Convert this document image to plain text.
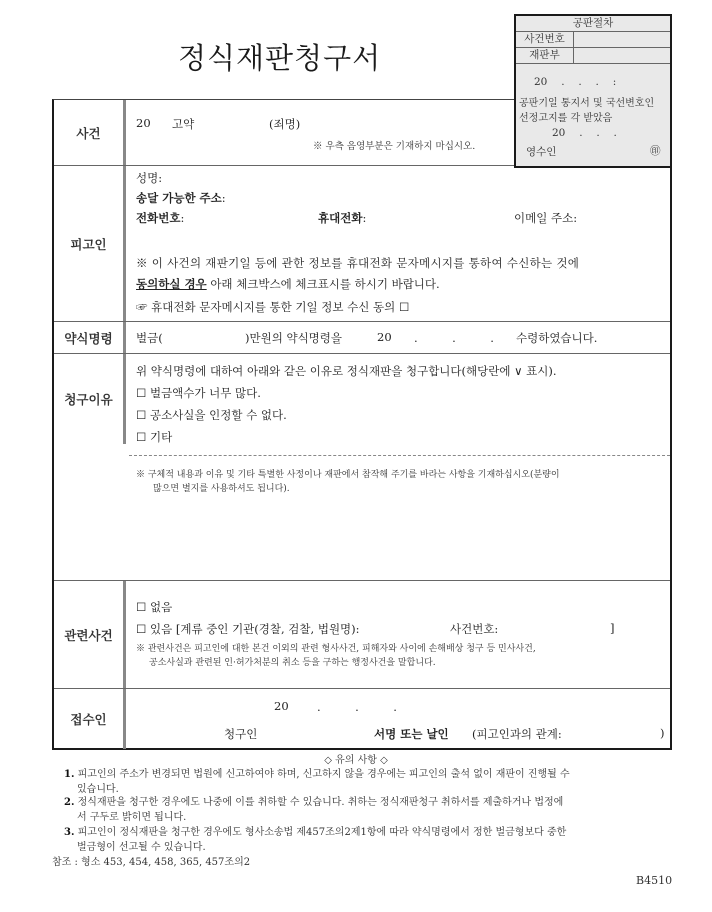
정식재판청구서
사건
20 고약	(죄명)
※ 우측 음영부분은 기재하지 마십시오.
피고인
성명:
송달 가능한 주소:
전화번호:	휴대전화:	이메일 주소:
※ 이 사건의 재판기일 등에 관한 정보를 휴대전화 문자메시지를 통하여 수신하는 것에
동의하실 경우 아래 체크박스에 체크표시를 하시기 바랍니다.
☞ 휴대전화 문자메시지를 통한 기일 정보 수신 동의 ☐
약식명령	벌금(	)만원의 약식명령을	20 .　　　.　　　. 수령하였습니다.
청구이유
위 약식명령에 대하여 아래와 같은 이유로 정식재판을 청구합니다(해당란에 ∨ 표시).
☐ 벌금액수가 너무 많다.
☐ 공소사실을 인정할 수 없다.
☐ 기타
※ 구체적 내용과 이유 및 기타 특별한 사정이나 재판에서 참작해 주기를 바라는 사항을 기재하십시오(분량이
많으면 별지를 사용하셔도 됩니다).
관련사건
☐ 없음
☐ 있음 [계류 중인 기관(경찰, 검찰, 법원명):	사건번호:	]
※ 관련사건은 피고인에 대한 본건 이외의 관련 형사사건, 피해자와 사이에 손해배상 청구 등 민사사건,
공소사실과 관련된 인·허가처분의 취소 등을 구하는 행정사건을 말합니다.
접수인
20 .　　　.　　　.
청구인	서명 또는 날인 (피고인과의 관계:	)
공판절차
사건번호
재판부
20　 .　 .　 .　 :
공판기일 통지서 및 국선변호인
선정고지를 각 받았음
20　 .　 .　 .
영수인	㊞
◇ 유의 사항 ◇
1. 피고인의 주소가 변경되면 법원에 신고하여야 하며, 신고하지 않을 경우에는 피고인의 출석 없이 재판이 진행될 수
있습니다.
2. 정식재판을 청구한 경우에도 나중에 이를 취하할 수 있습니다. 취하는 정식재판청구 취하서를 제출하거나 법정에
서 구두로 밝히면 됩니다.
3. 피고인이 정식재판을 청구한 경우에도 형사소송법 제457조의2제1항에 따라 약식명령에서 정한 벌금형보다 중한
벌금형이 선고될 수 있습니다.
참조 : 형소 453, 454, 458, 365, 457조의2
B4510
